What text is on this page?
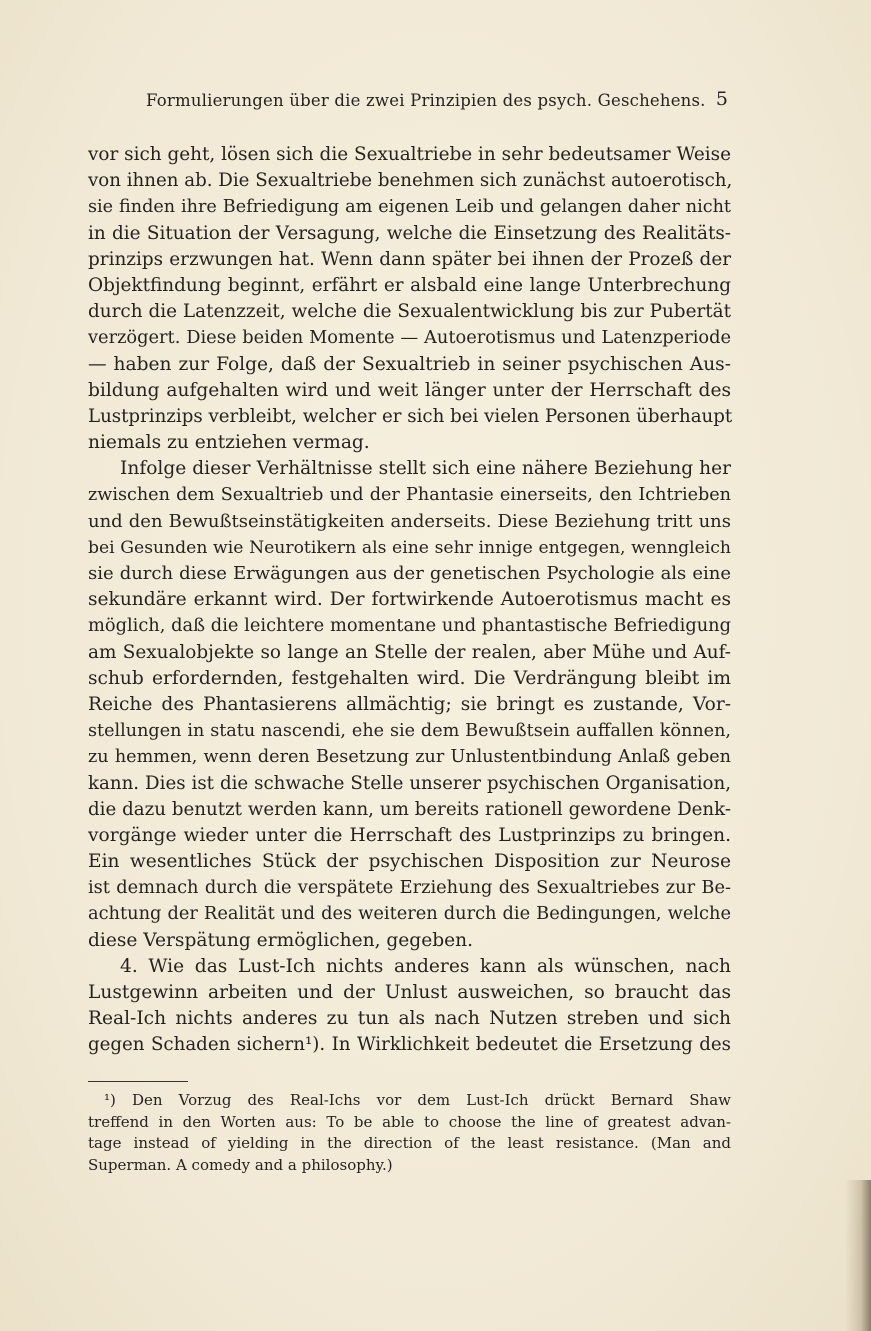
Formulierungen über die zwei Prinzipien des psych. Geschehens. 5
vor sich geht, lösen sich die Sexualtriebe in sehr bedeutsamer Weise
von ihnen ab. Die Sexualtriebe benehmen sich zunächst autoerotisch,
sie finden ihre Befriedigung am eigenen Leib und gelangen daher nicht
in die Situation der Versagung, welche die Einsetzung des Realitäts-
prinzips erzwungen hat. Wenn dann später bei ihnen der Prozeß der
Objektfindung beginnt, erfährt er alsbald eine lange Unterbrechung
durch die Latenzzeit, welche die Sexualentwicklung bis zur Pubertät
verzögert. Diese beiden Momente — Autoerotismus und Latenzperiode
— haben zur Folge, daß der Sexualtrieb in seiner psychischen Aus-
bildung aufgehalten wird und weit länger unter der Herrschaft des
Lustprinzips verbleibt, welcher er sich bei vielen Personen überhaupt
niemals zu entziehen vermag.
Infolge dieser Verhältnisse stellt sich eine nähere Beziehung her
zwischen dem Sexualtrieb und der Phantasie einerseits, den Ichtrieben
und den Bewußtseinstätigkeiten anderseits. Diese Beziehung tritt uns
bei Gesunden wie Neurotikern als eine sehr innige entgegen, wenngleich
sie durch diese Erwägungen aus der genetischen Psychologie als eine
sekundäre erkannt wird. Der fortwirkende Autoerotismus macht es
möglich, daß die leichtere momentane und phantastische Befriedigung
am Sexualobjekte so lange an Stelle der realen, aber Mühe und Auf-
schub erfordernden, festgehalten wird. Die Verdrängung bleibt im
Reiche des Phantasierens allmächtig; sie bringt es zustande, Vor-
stellungen in statu nascendi, ehe sie dem Bewußtsein auffallen können,
zu hemmen, wenn deren Besetzung zur Unlustentbindung Anlaß geben
kann. Dies ist die schwache Stelle unserer psychischen Organisation,
die dazu benutzt werden kann, um bereits rationell gewordene Denk-
vorgänge wieder unter die Herrschaft des Lustprinzips zu bringen.
Ein wesentliches Stück der psychischen Disposition zur Neurose
ist demnach durch die verspätete Erziehung des Sexualtriebes zur Be-
achtung der Realität und des weiteren durch die Bedingungen, welche
diese Verspätung ermöglichen, gegeben.
4. Wie das Lust-Ich nichts anderes kann als wünschen, nach
Lustgewinn arbeiten und der Unlust ausweichen, so braucht das
Real-Ich nichts anderes zu tun als nach Nutzen streben und sich
gegen Schaden sichern¹). In Wirklichkeit bedeutet die Ersetzung des
¹) Den Vorzug des Real-Ichs vor dem Lust-Ich drückt Bernard Shaw
treffend in den Worten aus: To be able to choose the line of greatest advan-
tage instead of yielding in the direction of the least resistance. (Man and
Superman. A comedy and a philosophy.)
